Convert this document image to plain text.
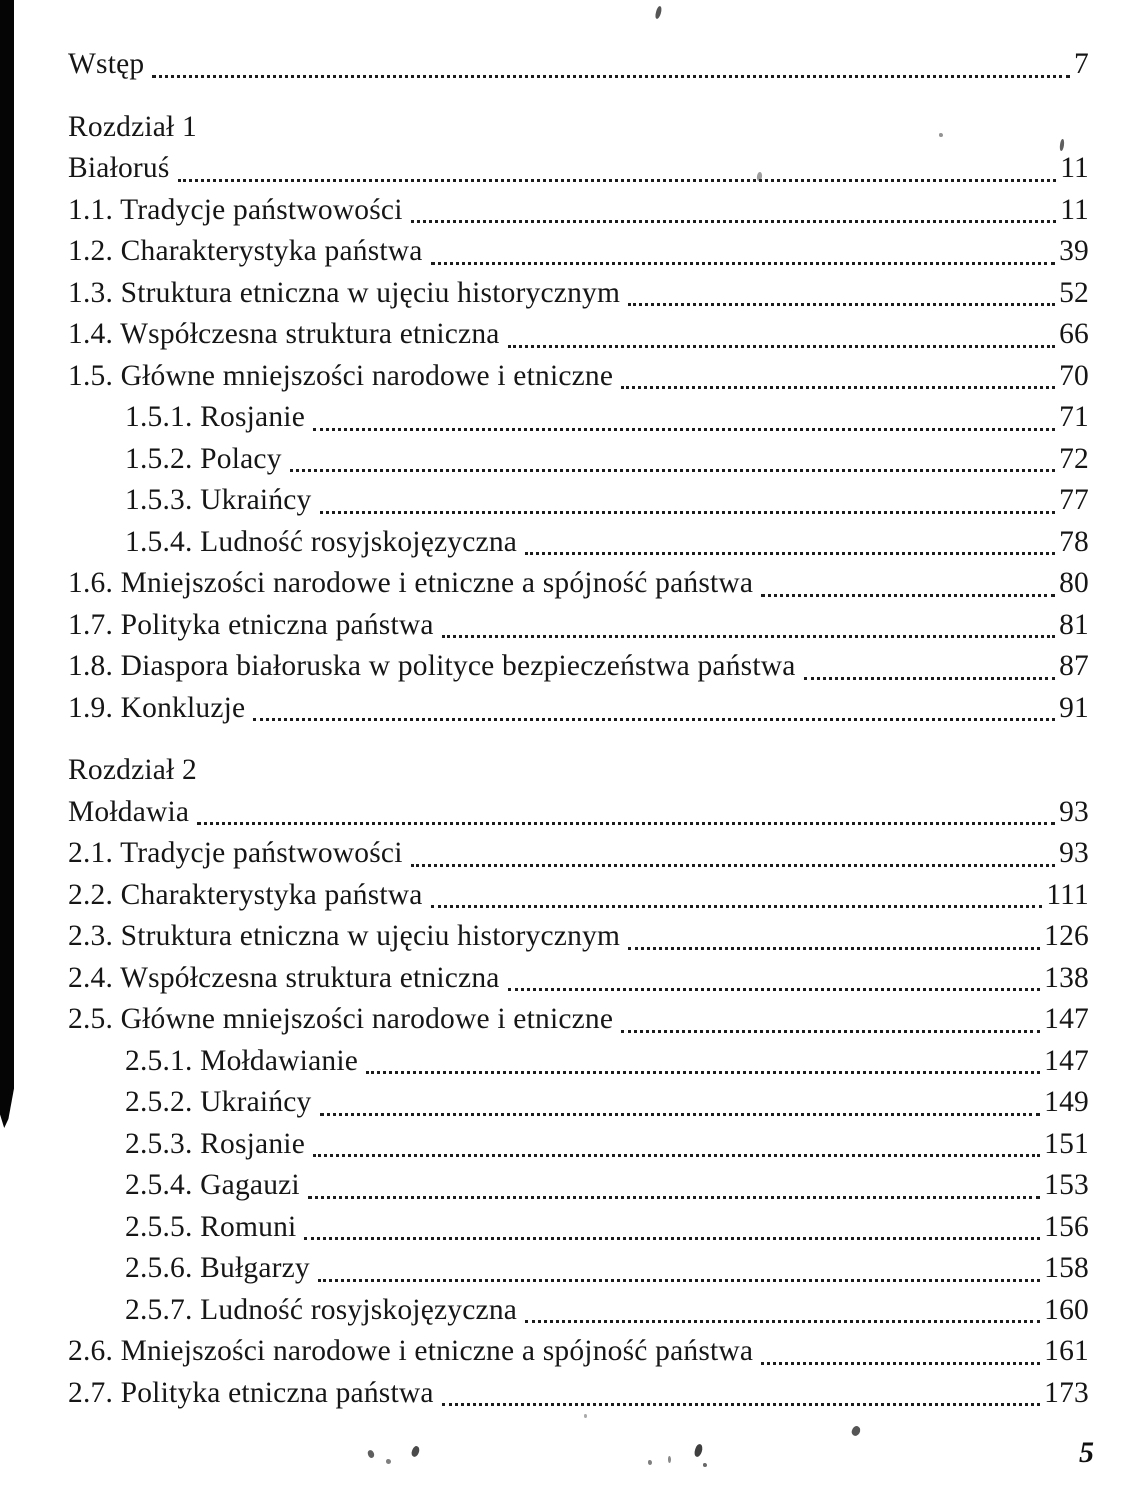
Wstęp	7
Rozdział 1
Białoruś	11
1.1. Tradycje państwowości	11
1.2. Charakterystyka państwa	39
1.3. Struktura etniczna w ujęciu historycznym	52
1.4. Współczesna struktura etniczna	66
1.5. Główne mniejszości narodowe i etniczne	70
1.5.1. Rosjanie	71
1.5.2. Polacy	72
1.5.3. Ukraińcy	77
1.5.4. Ludność rosyjskojęzyczna	78
1.6. Mniejszości narodowe i etniczne a spójność państwa	80
1.7. Polityka etniczna państwa	81
1.8. Diaspora białoruska w polityce bezpieczeństwa państwa	87
1.9. Konkluzje	91
Rozdział 2
Mołdawia	93
2.1. Tradycje państwowości	93
2.2. Charakterystyka państwa	111
2.3. Struktura etniczna w ujęciu historycznym	126
2.4. Współczesna struktura etniczna	138
2.5. Główne mniejszości narodowe i etniczne	147
2.5.1. Mołdawianie	147
2.5.2. Ukraińcy	149
2.5.3. Rosjanie	151
2.5.4. Gagauzi	153
2.5.5. Romuni	156
2.5.6. Bułgarzy	158
2.5.7. Ludność rosyjskojęzyczna	160
2.6. Mniejszości narodowe i etniczne a spójność państwa	161
2.7. Polityka etniczna państwa	173
5
